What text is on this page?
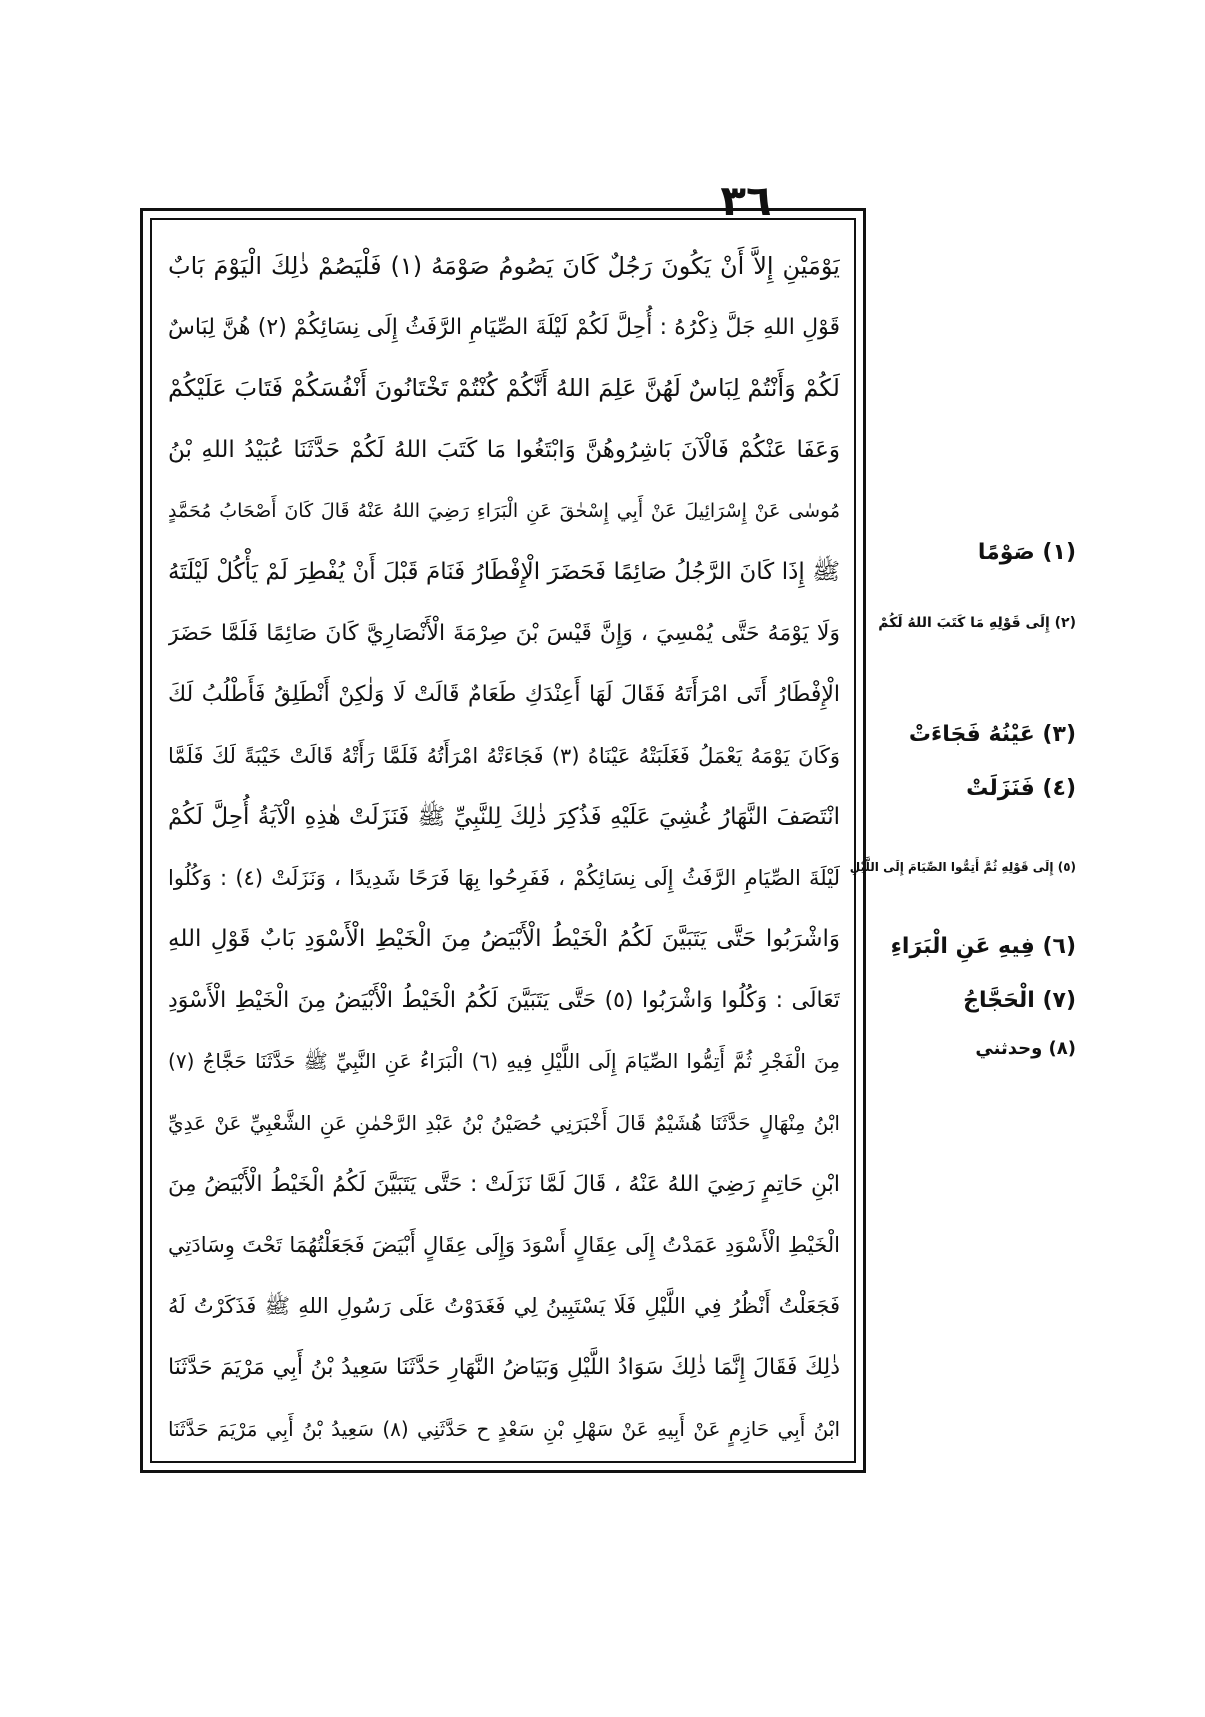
٣٦
يَوْمَيْنِ إِلاَّ أَنْ يَكُونَ رَجُلٌ كَانَ يَصُومُ صَوْمَهُ (١) فَلْيَصُمْ ذٰلِكَ الْيَوْمَ بَابٌ
قَوْلِ اللهِ جَلَّ ذِكْرُهُ : أُحِلَّ لَكُمْ لَيْلَةَ الصِّيَامِ الرَّفَثُ إِلَى نِسَائِكُمْ (٢) هُنَّ لِبَاسٌ
لَكُمْ وَأَنْتُمْ لِبَاسٌ لَهُنَّ عَلِمَ اللهُ أَنَّكُمْ كُنْتُمْ تَخْتَانُونَ أَنْفُسَكُمْ فَتَابَ عَلَيْكُمْ
وَعَفَا عَنْكُمْ فَالْآنَ بَاشِرُوهُنَّ وَابْتَغُوا مَا كَتَبَ اللهُ لَكُمْ حَدَّثَنَا عُبَيْدُ اللهِ بْنُ
مُوسٰى عَنْ إِسْرَائِيلَ عَنْ أَبِي إِسْحٰقَ عَنِ الْبَرَاءِ رَضِيَ اللهُ عَنْهُ قَالَ كَانَ أَصْحَابُ مُحَمَّدٍ
ﷺ إِذَا كَانَ الرَّجُلُ صَائِمًا فَحَضَرَ الْإِفْطَارُ فَنَامَ قَبْلَ أَنْ يُفْطِرَ لَمْ يَأْكُلْ لَيْلَتَهُ
وَلَا يَوْمَهُ حَتَّى يُمْسِيَ ، وَإِنَّ قَيْسَ بْنَ صِرْمَةَ الْأَنْصَارِيَّ كَانَ صَائِمًا فَلَمَّا حَضَرَ
الْإِفْطَارُ أَتَى امْرَأَتَهُ فَقَالَ لَهَا أَعِنْدَكِ طَعَامٌ قَالَتْ لَا وَلٰكِنْ أَنْطَلِقُ فَأَطْلُبُ لَكَ
وَكَانَ يَوْمَهُ يَعْمَلُ فَغَلَبَتْهُ عَيْنَاهُ (٣) فَجَاءَتْهُ امْرَأَتُهُ فَلَمَّا رَأَتْهُ قَالَتْ خَيْبَةً لَكَ فَلَمَّا
انْتَصَفَ النَّهَارُ غُشِيَ عَلَيْهِ فَذُكِرَ ذٰلِكَ لِلنَّبِيِّ ﷺ فَنَزَلَتْ هٰذِهِ الْآيَةُ أُحِلَّ لَكُمْ
لَيْلَةَ الصِّيَامِ الرَّفَثُ إِلَى نِسَائِكُمْ ، فَفَرِحُوا بِهَا فَرَحًا شَدِيدًا ، وَنَزَلَتْ (٤) : وَكُلُوا
وَاشْرَبُوا حَتَّى يَتَبَيَّنَ لَكُمُ الْخَيْطُ الْأَبْيَضُ مِنَ الْخَيْطِ الْأَسْوَدِ بَابٌ قَوْلِ اللهِ
تَعَالَى : وَكُلُوا وَاشْرَبُوا (٥) حَتَّى يَتَبَيَّنَ لَكُمُ الْخَيْطُ الْأَبْيَضُ مِنَ الْخَيْطِ الْأَسْوَدِ
مِنَ الْفَجْرِ ثُمَّ أَتِمُّوا الصِّيَامَ إِلَى اللَّيْلِ فِيهِ (٦) الْبَرَاءُ عَنِ النَّبِيِّ ﷺ حَدَّثَنَا حَجَّاجُ (٧)
ابْنُ مِنْهَالٍ حَدَّثَنَا هُشَيْمٌ قَالَ أَخْبَرَنِي حُصَيْنُ بْنُ عَبْدِ الرَّحْمٰنِ عَنِ الشَّعْبِيِّ عَنْ عَدِيِّ
ابْنِ حَاتِمٍ رَضِيَ اللهُ عَنْهُ ، قَالَ لَمَّا نَزَلَتْ : حَتَّى يَتَبَيَّنَ لَكُمُ الْخَيْطُ الْأَبْيَضُ مِنَ
الْخَيْطِ الْأَسْوَدِ عَمَدْتُ إِلَى عِقَالٍ أَسْوَدَ وَإِلَى عِقَالٍ أَبْيَضَ فَجَعَلْتُهُمَا تَحْتَ وِسَادَتِي
فَجَعَلْتُ أَنْظُرُ فِي اللَّيْلِ فَلَا يَسْتَبِينُ لِي فَغَدَوْتُ عَلَى رَسُولِ اللهِ ﷺ فَذَكَرْتُ لَهُ
ذٰلِكَ فَقَالَ إِنَّمَا ذٰلِكَ سَوَادُ اللَّيْلِ وَبَيَاضُ النَّهَارِ حَدَّثَنَا سَعِيدُ بْنُ أَبِي مَرْيَمَ حَدَّثَنَا
ابْنُ أَبِي حَازِمٍ عَنْ أَبِيهِ عَنْ سَهْلِ بْنِ سَعْدٍ ح حَدَّثَنِي (٨) سَعِيدُ بْنُ أَبِي مَرْيَمَ حَدَّثَنَا
(١) صَوْمًا
(٢) إِلَى قَوْلِهِ مَا كَتَبَ اللهُ لَكُمْ
(٣) عَيْنُهُ فَجَاءَتْ
(٤) فَنَزَلَتْ
(٥) إِلَى قَوْلِهِ ثُمَّ أَتِمُّوا الصِّيَامَ إِلَى اللَّيْلِ
(٦) فِيهِ عَنِ الْبَرَاءِ
(٧) الْحَجَّاجُ
(٨) وحدثني
